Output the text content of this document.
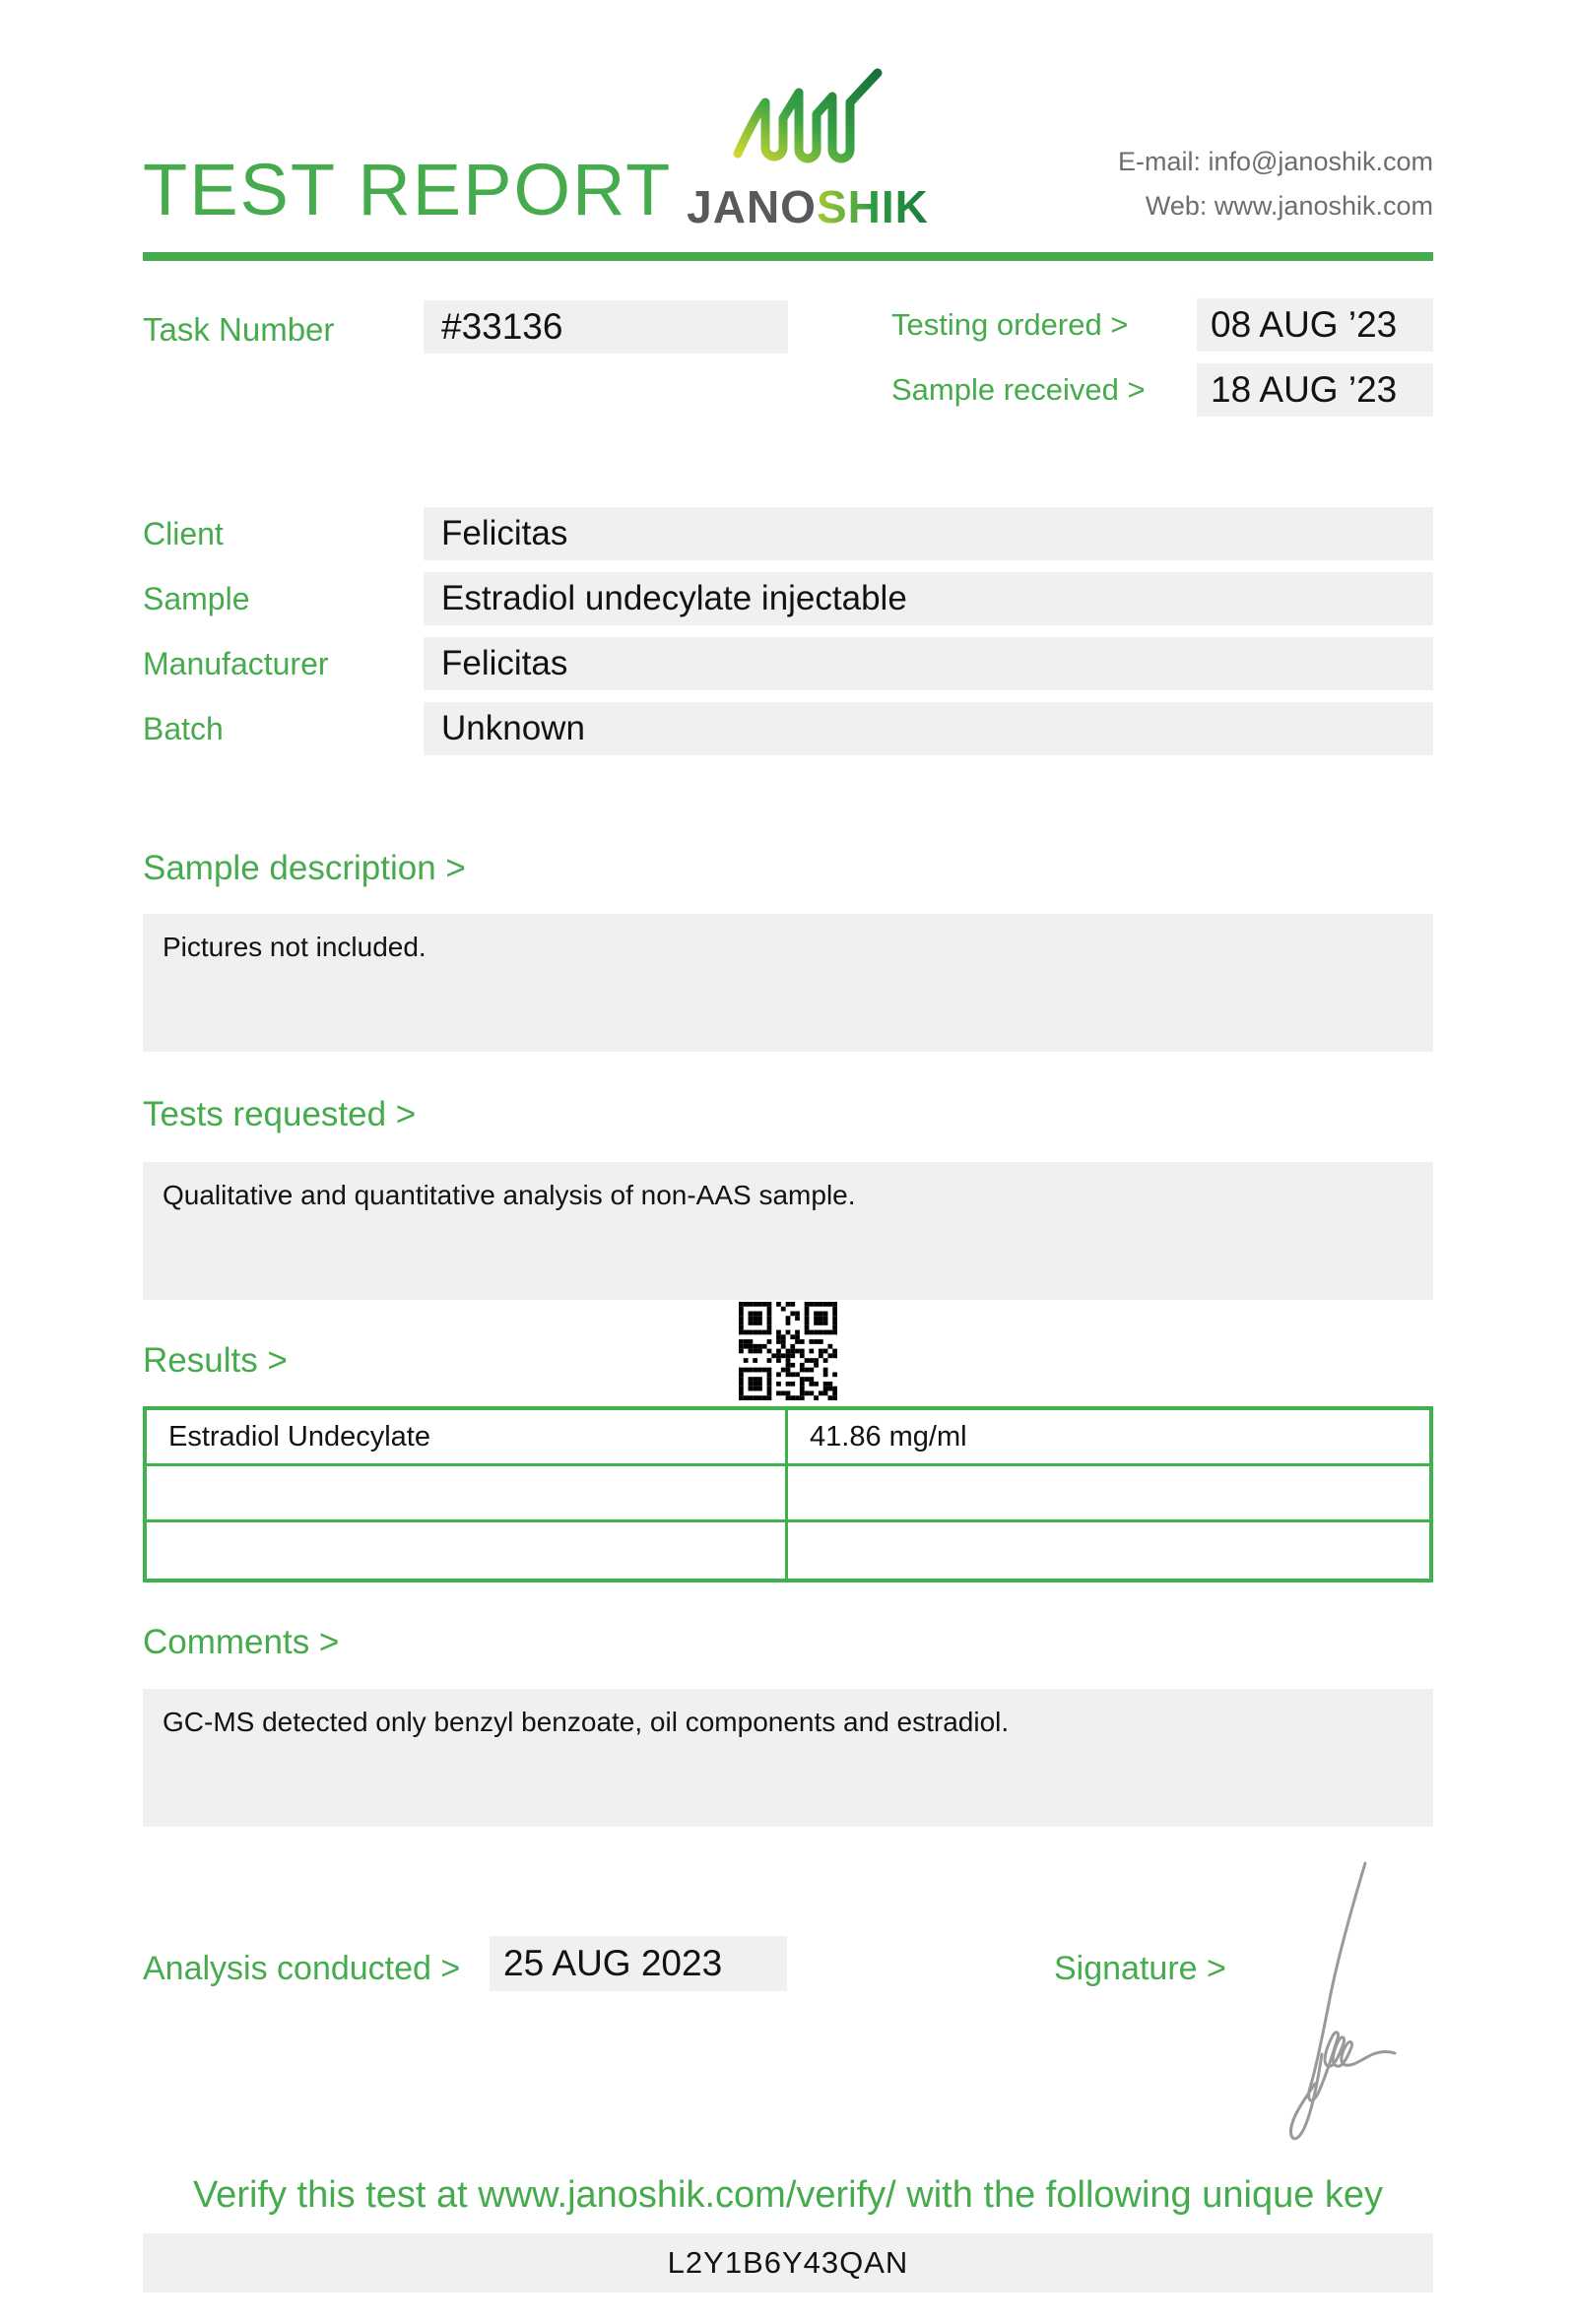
TEST REPORT JANOSHIK
E-mail: info@janoshik.com
Web: www.janoshik.com
Task Number	#33136	Testing ordered >	08 AUG ’23
Sample received >	18 AUG ’23
Client	Felicitas
Sample	Estradiol undecylate injectable
Manufacturer	Felicitas
Batch	Unknown
Sample description >
Pictures not included.
Tests requested >
Qualitative and quantitative analysis of non-AAS sample.
Results >
Estradiol Undecylate	41.86 mg/ml
Comments >
GC-MS detected only benzyl benzoate, oil components and estradiol.
Analysis conducted >	25 AUG 2023	Signature >
Verify this test at www.janoshik.com/verify/ with the following unique key
L2Y1B6Y43QAN
